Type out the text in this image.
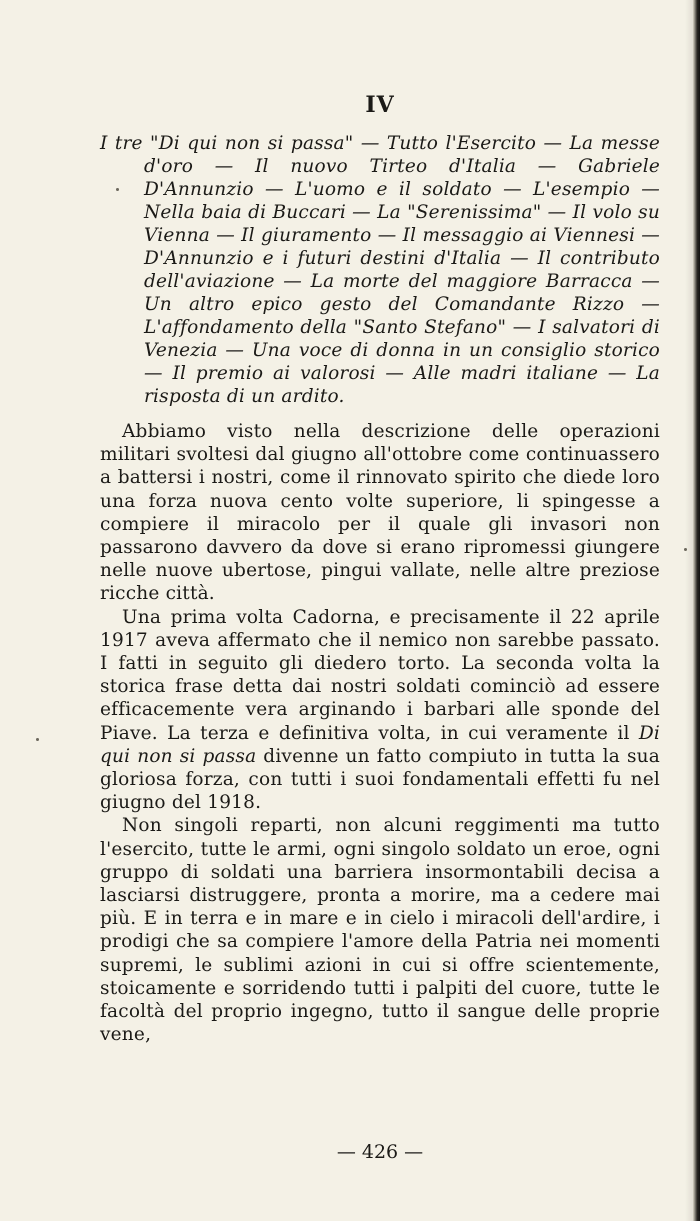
IV

I tre "Di qui non si passa" — Tutto l'Esercito — La messe d'oro — Il nuovo Tirteo d'Italia — Gabriele D'Annunzio — L'uomo e il soldato — L'esempio — Nella baia di Buccari — La "Serenissima" — Il volo su Vienna — Il giuramento — Il messaggio ai Viennesi — D'Annunzio e i futuri destini d'Italia — Il contributo dell'aviazione — La morte del maggiore Barracca — Un altro epico gesto del Comandante Rizzo — L'affondamento della "Santo Stefano" — I salvatori di Venezia — Una voce di donna in un consiglio storico — Il premio ai valorosi — Alle madri italiane — La risposta di un ardito.

Abbiamo visto nella descrizione delle operazioni militari svoltesi dal giugno all'ottobre come continuassero a battersi i nostri, come il rinnovato spirito che diede loro una forza nuova cento volte superiore, li spingesse a compiere il miracolo per il quale gli invasori non passarono davvero da dove si erano ripromessi giungere nelle nuove ubertose, pingui vallate, nelle altre preziose ricche città.

Una prima volta Cadorna, e precisamente il 22 aprile 1917 aveva affermato che il nemico non sarebbe passato. I fatti in seguito gli diedero torto. La seconda volta la storica frase detta dai nostri soldati cominciò ad essere efficacemente vera arginando i barbari alle sponde del Piave. La terza e definitiva volta, in cui veramente il Di qui non si passa divenne un fatto compiuto in tutta la sua gloriosa forza, con tutti i suoi fondamentali effetti fu nel giugno del 1918.

Non singoli reparti, non alcuni reggimenti ma tutto l'esercito, tutte le armi, ogni singolo soldato un eroe, ogni gruppo di soldati una barriera insormontabili decisa a lasciarsi distruggere, pronta a morire, ma a cedere mai più. E in terra e in mare e in cielo i miracoli dell'ardire, i prodigi che sa compiere l'amore della Patria nei momenti supremi, le sublimi azioni in cui si offre scientemente, stoicamente e sorridendo tutti i palpiti del cuore, tutte le facoltà del proprio ingegno, tutto il sangue delle proprie vene,

— 426 —
